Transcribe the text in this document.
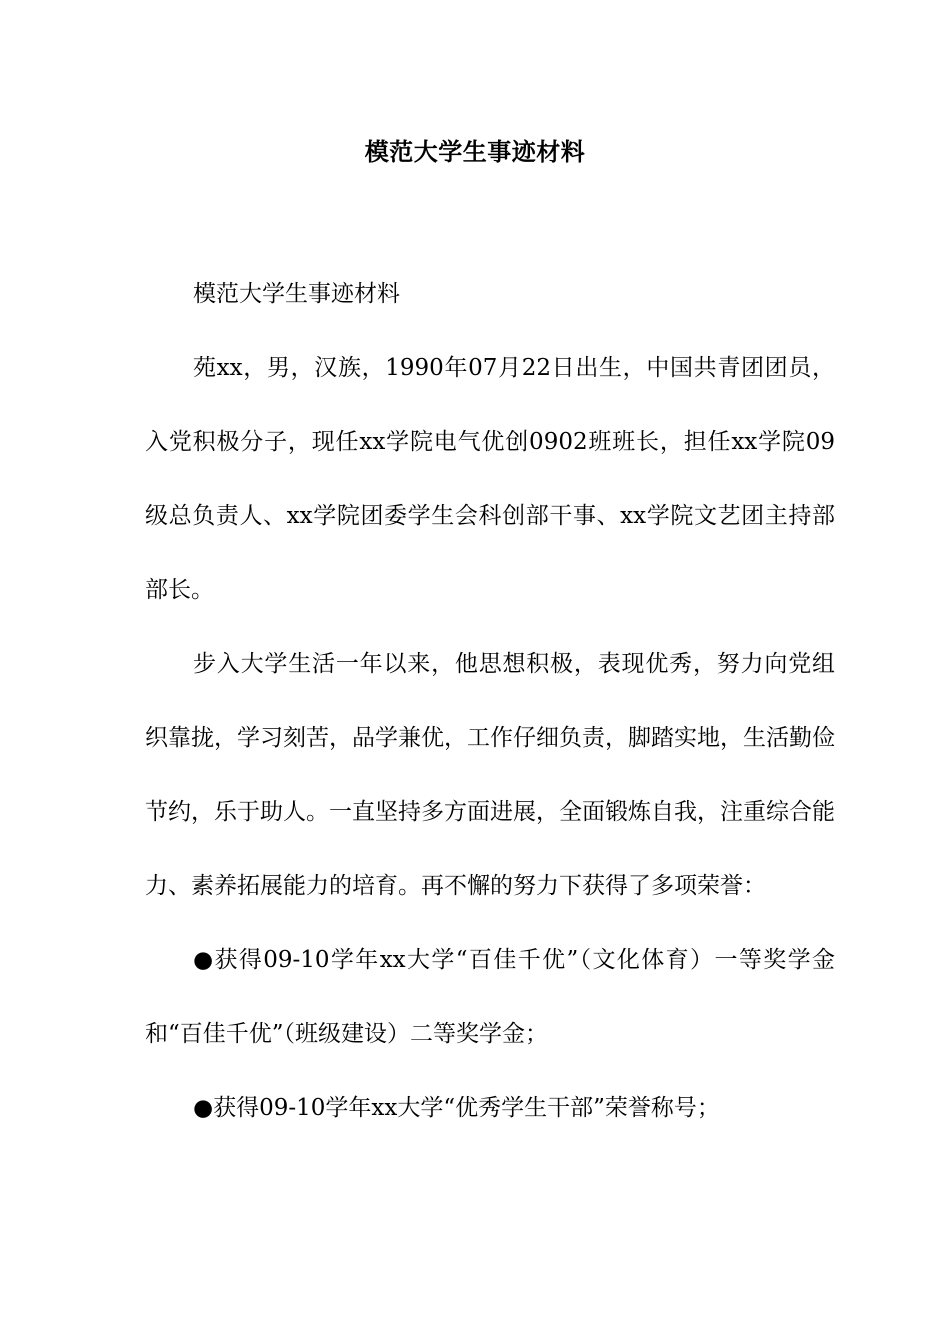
模范大学生事迹材料

模范大学生事迹材料

苑xx，男，汉族，1990年07月22日出生，中国共青团团员，入党积极分子，现任xx学院电气优创0902班班长，担任xx学院09级总负责人、xx学院团委学生会科创部干事、xx学院文艺团主持部部长。

步入大学生活一年以来，他思想积极，表现优秀，努力向党组织靠拢，学习刻苦，品学兼优，工作仔细负责，脚踏实地，生活勤俭节约，乐于助人。一直坚持多方面进展，全面锻炼自我，注重综合能力、素养拓展能力的培育。再不懈的努力下获得了多项荣誉：

●获得09-10学年xx大学“百佳千优”（文化体育）一等奖学金和“百佳千优”（班级建设）二等奖学金；

●获得09-10学年xx大学“优秀学生干部”荣誉称号；
